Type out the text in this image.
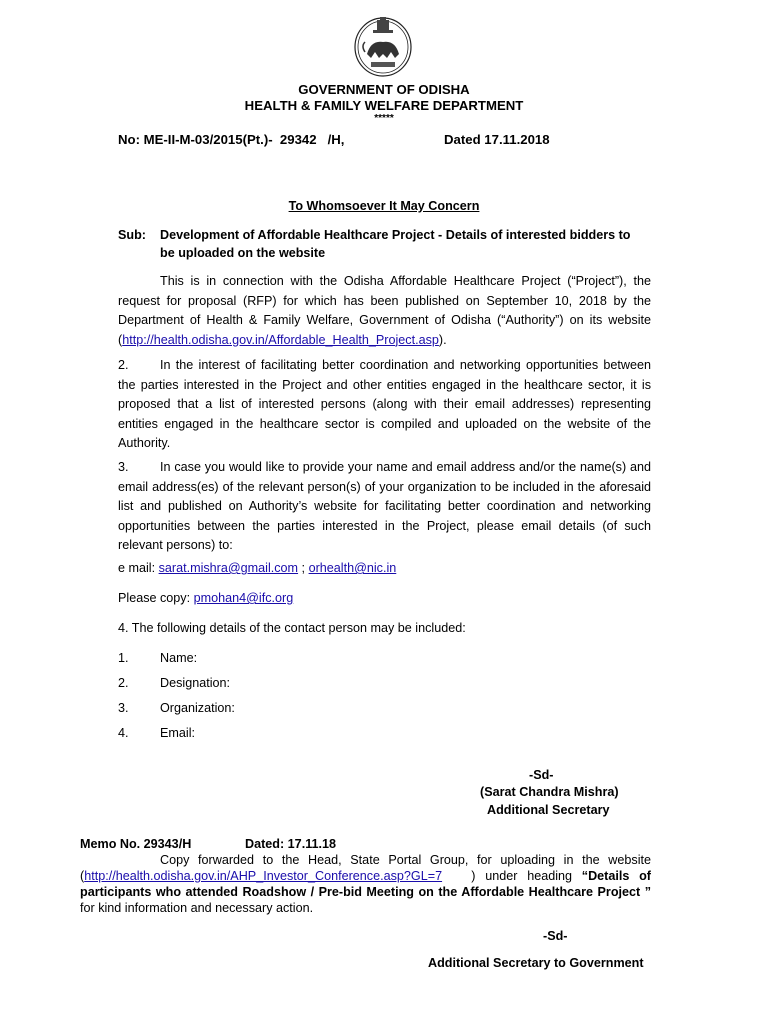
GOVERNMENT OF ODISHA
HEALTH & FAMILY WELFARE DEPARTMENT
*****
No: ME-II-M-03/2015(Pt.)-  29342   /H,	Dated 17.11.2018
To Whomsoever It May Concern
Sub: Development of Affordable Healthcare Project - Details of interested bidders to
be uploaded on the website
This is in connection with the Odisha Affordable Healthcare Project (“Project”), the request for proposal (RFP) for which has been published on September 10, 2018 by the Department of Health & Family Welfare, Government of Odisha (“Authority”) on its website (http://health.odisha.gov.in/Affordable_Health_Project.asp).
2. In the interest of facilitating better coordination and networking opportunities between the parties interested in the Project and other entities engaged in the healthcare sector, it is proposed that a list of interested persons (along with their email addresses) representing entities engaged in the healthcare sector is compiled and uploaded on the website of the Authority.
3. In case you would like to provide your name and email address and/or the name(s) and email address(es) of the relevant person(s) of your organization to be included in the aforesaid list and published on Authority’s website for facilitating better coordination and networking opportunities between the parties interested in the Project, please email details (of such relevant persons) to:
e mail: sarat.mishra@gmail.com ; orhealth@nic.in
Please copy: pmohan4@ifc.org
4. The following details of the contact person may be included:
1. Name:
2. Designation:
3. Organization:
4. Email:
-Sd-
(Sarat Chandra Mishra)
Additional Secretary
Memo No. 29343/H	Dated: 17.11.18
Copy forwarded to the Head, State Portal Group, for uploading in the website (http://health.odisha.gov.in/AHP_Investor_Conference.asp?GL=7   ) under heading “Details of participants who attended Roadshow / Pre-bid Meeting on the Affordable Healthcare Project ” for kind information and necessary action.
-Sd-
Additional Secretary to Government
